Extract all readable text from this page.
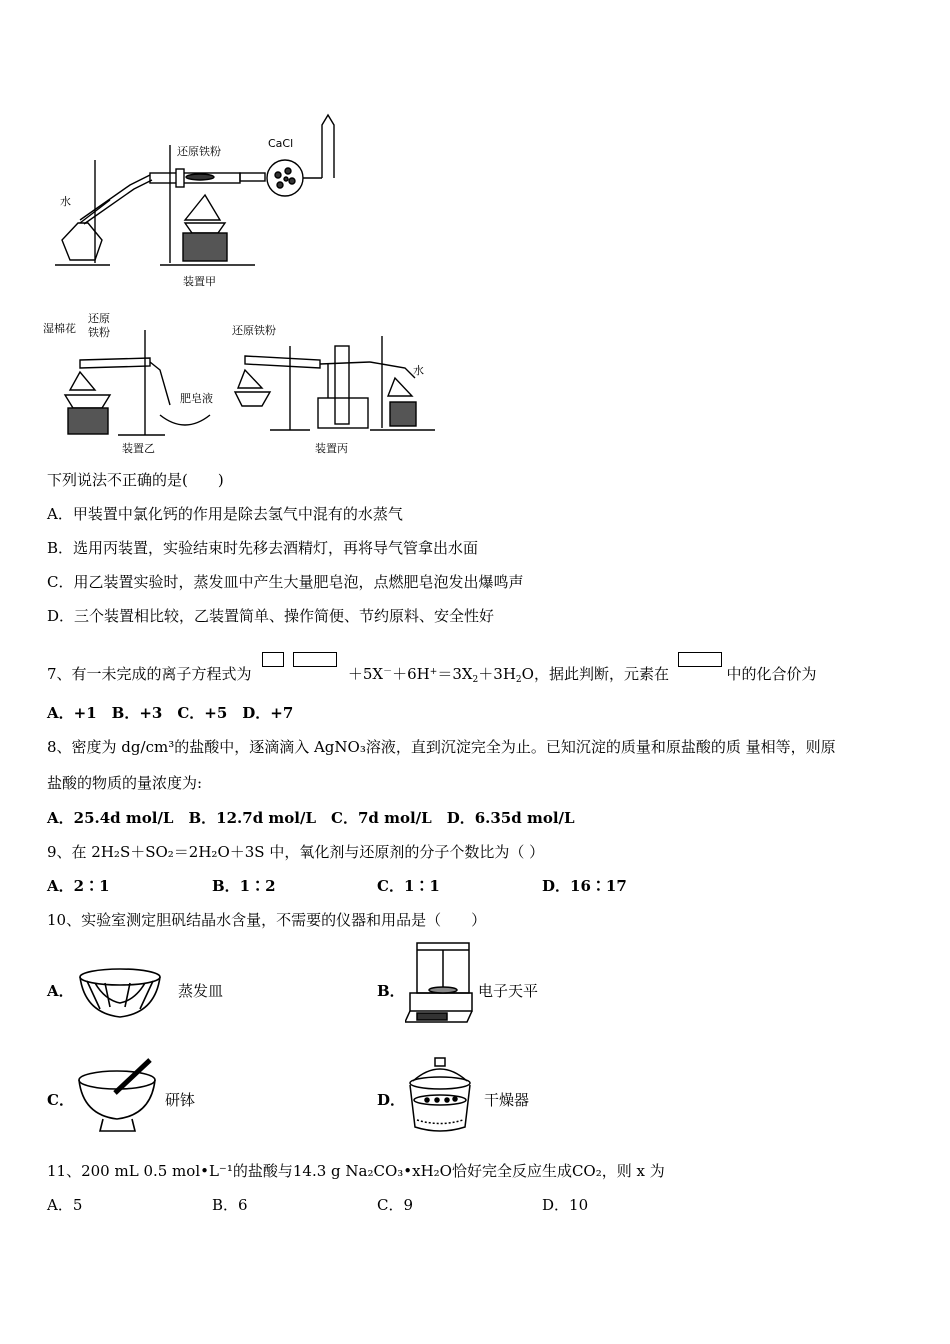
还原铁粉
CaCl
水
装置甲
湿棉花
还原
铁粉
肥皂液
装置乙
还原铁粉
水
装置丙
下列说法不正确的是(　　)
A．甲装置中氯化钙的作用是除去氢气中混有的水蒸气
B．选用丙装置，实验结束时先移去酒精灯，再将导气管拿出水面
C．用乙装置实验时，蒸发皿中产生大量肥皂泡，点燃肥皂泡发出爆鸣声
D．三个装置相比较，乙装置简单、操作简便、节约原料、安全性好
7、有一未完成的离子方程式为	$+5X^-+6H^+=3X_2+3H_2O$，据此判断，元素在	中的化合价为
A．+1　B．+3　C．+5　D．+7
8、密度为 dg/cm³的盐酸中，逐滴滴入 AgNO₃溶液，直到沉淀完全为止。已知沉淀的质量和原盐酸的质 量相等，则原
盐酸的物质的量浓度为:
A．25.4d mol/L　B．12.7d mol/L　C．7d mol/L　D．6.35d mol/L
9、在 2H₂S＋SO₂＝2H₂O＋3S 中，氧化剂与还原剂的分子个数比为（ ）
A．2∶1	B．1∶2	C．1∶1	D．16∶17
10、实验室测定胆矾结晶水含量，不需要的仪器和用品是（　　）
A．	蒸发皿	B．	电子天平
C．	研钵	D．	干燥器
11、200 mL 0.5 mol•L⁻¹的盐酸与14.3 g Na₂CO₃•xH₂O恰好完全反应生成CO₂，则 x 为
A．5	B．6	C．9	D．10
